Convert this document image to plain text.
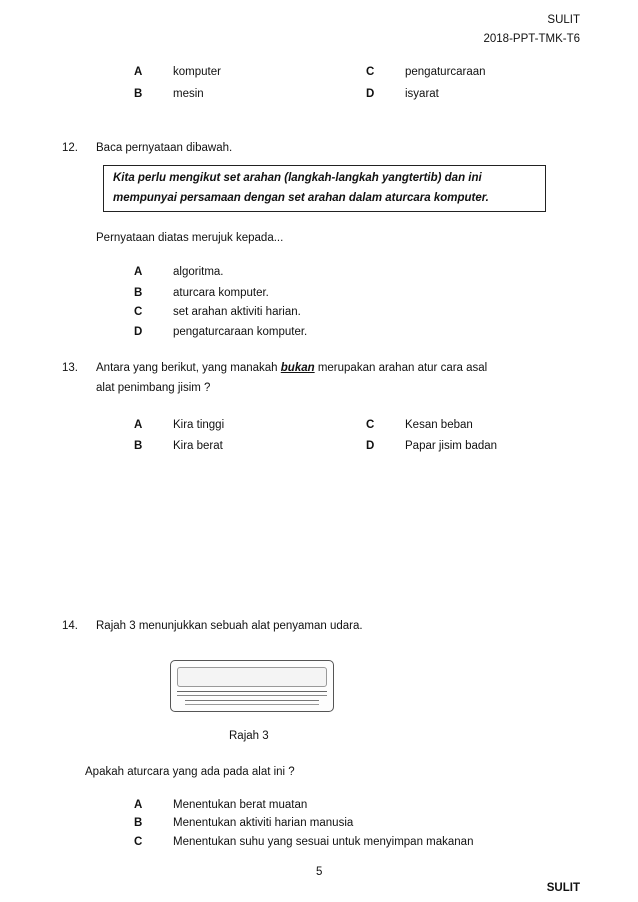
SULIT
2018-PPT-TMK-T6
A	komputer
B	mesin
C	pengaturcaraan
D	isyarat
12. Baca pernyataan dibawah.
Kita perlu mengikut set arahan (langkah-langkah yangtertib) dan ini
mempunyai persamaan dengan set arahan dalam aturcara komputer.
Pernyataan diatas merujuk kepada...
A	algoritma.
B	aturcara komputer.
C	set arahan aktiviti harian.
D	pengaturcaraan komputer.
13. Antara yang berikut, yang manakah bukan merupakan arahan atur cara asal
alat penimbang jisim ?
A	Kira tinggi
B	Kira berat
C	Kesan beban
D	Papar jisim badan
14. Rajah 3 menunjukkan sebuah alat penyaman udara.
Rajah 3
Apakah aturcara yang ada pada alat ini ?
A	Menentukan berat muatan
B	Menentukan aktiviti harian manusia
C	Menentukan suhu yang sesuai untuk menyimpan makanan
5
SULIT
